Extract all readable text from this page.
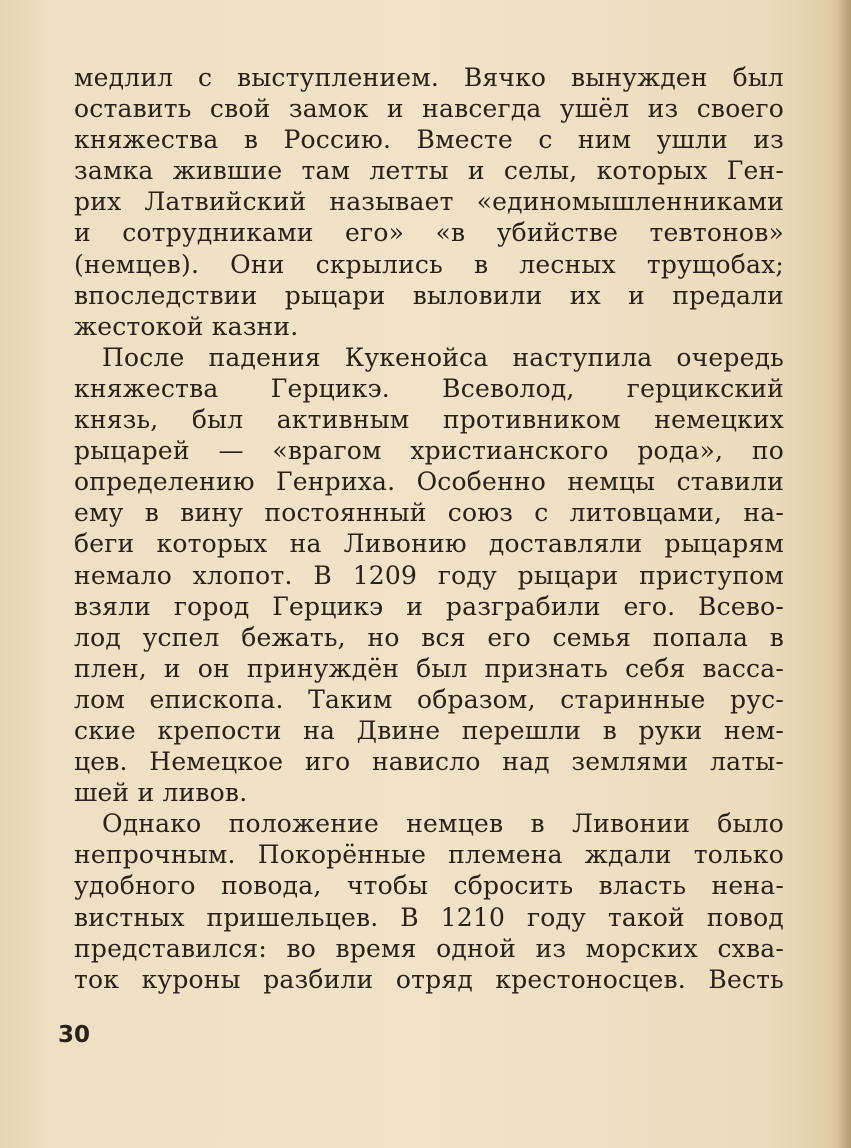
медлил с выступлением. Вячко вынужден был
оставить свой замок и навсегда ушёл из своего
княжества в Россию. Вместе с ним ушли из
замка жившие там летты и селы, которых Ген-
рих Латвийский называет «единомышленниками
и сотрудниками его» «в убийстве тевтонов»
(немцев). Они скрылись в лесных трущобах;
впоследствии рыцари выловили их и предали
жестокой казни.
После падения Кукенойса наступила очередь
княжества Герцикэ. Всеволод, герцикский
князь, был активным противником немецких
рыцарей — «врагом христианского рода», по
определению Генриха. Особенно немцы ставили
ему в вину постоянный союз с литовцами, на-
беги которых на Ливонию доставляли рыцарям
немало хлопот. В 1209 году рыцари приступом
взяли город Герцикэ и разграбили его. Всево-
лод успел бежать, но вся его семья попала в
плен, и он принуждён был признать себя васса-
лом епископа. Таким образом, старинные рус-
ские крепости на Двине перешли в руки нем-
цев. Немецкое иго нависло над землями латы-
шей и ливов.
Однако положение немцев в Ливонии было
непрочным. Покорённые племена ждали только
удобного повода, чтобы сбросить власть нена-
вистных пришельцев. В 1210 году такой повод
представился: во время одной из морских схва-
ток куроны разбили отряд крестоносцев. Весть
30
